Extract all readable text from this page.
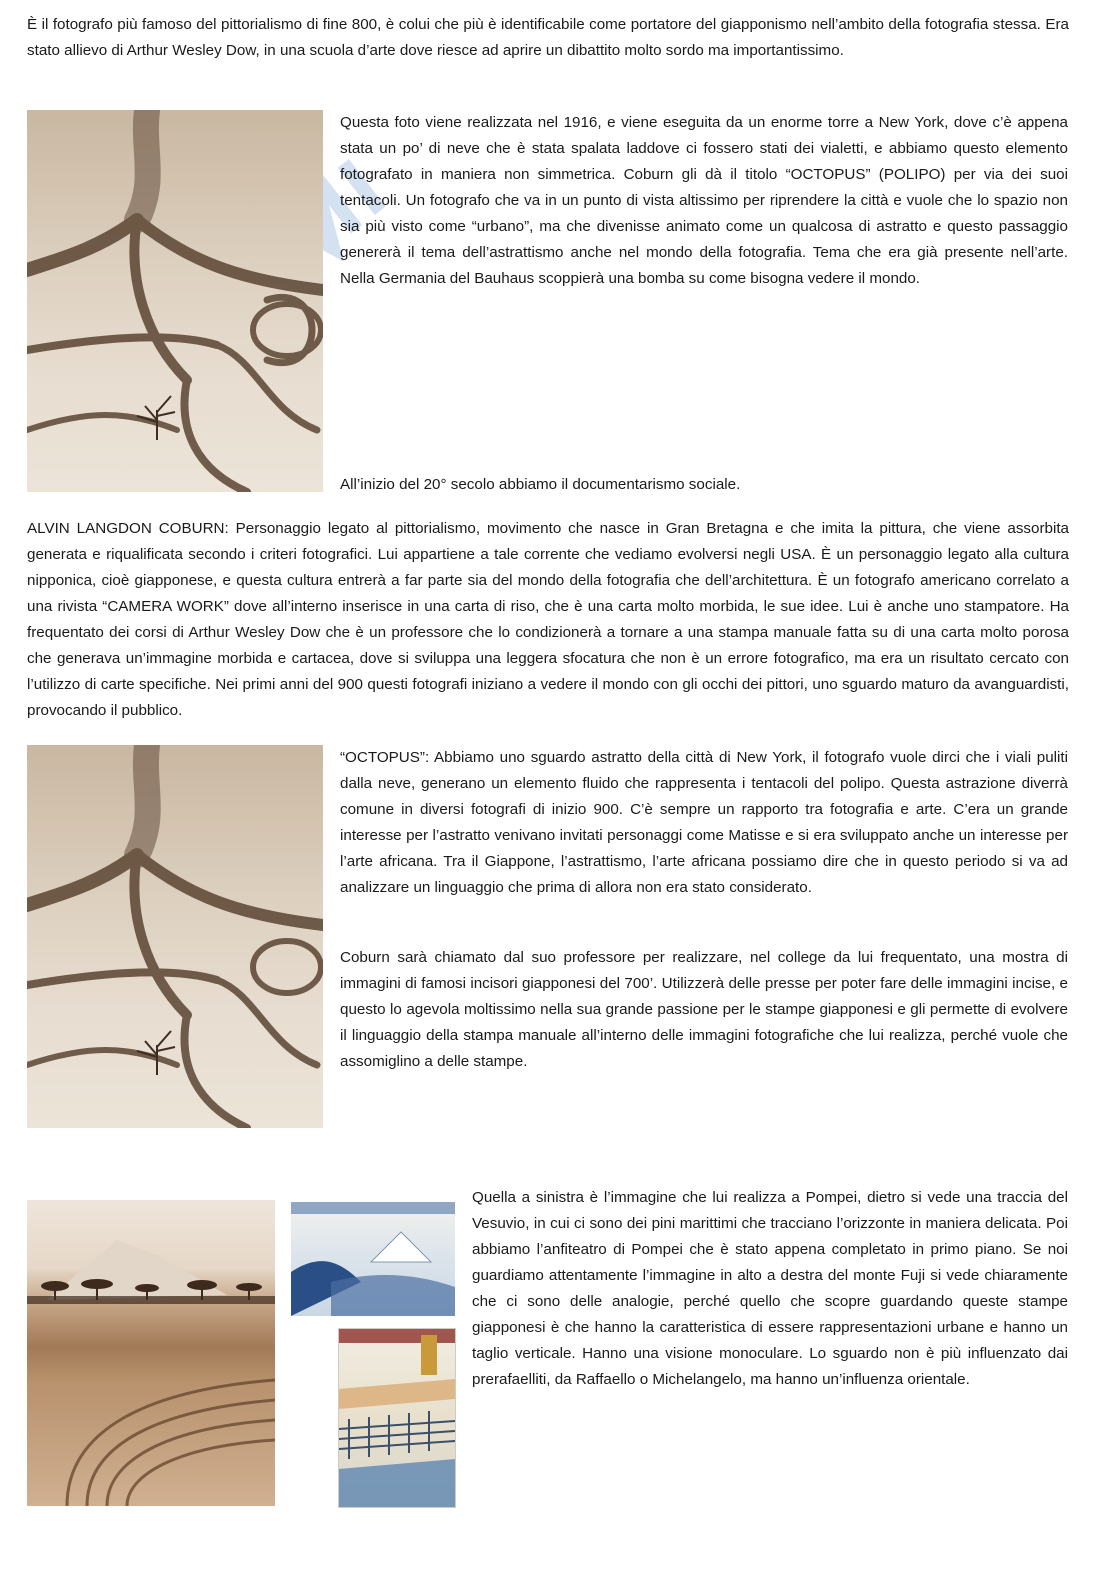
È il fotografo più famoso del pittorialismo di fine 800, è colui che più è identificabile come portatore del giapponismo nell’ambito della fotografia stessa. Era stato allievo di Arthur Wesley Dow, in una scuola d’arte dove riesce ad aprire un dibattito molto sordo ma importantissimo.

Questa foto viene realizzata nel 1916, e viene eseguita da un enorme torre a New York, dove c’è appena stata un po’ di neve che è stata spalata laddove ci fossero stati dei vialetti, e abbiamo questo elemento fotografato in maniera non simmetrica. Coburn gli dà il titolo “OCTOPUS” (POLIPO) per via dei suoi tentacoli. Un fotografo che va in un punto di vista altissimo per riprendere la città e vuole che lo spazio non sia più visto come “urbano”, ma che divenisse animato come un qualcosa di astratto e questo passaggio genererà il tema dell’astrattismo anche nel mondo della fotografia. Tema che era già presente nell’arte. Nella Germania del Bauhaus scoppierà una bomba su come bisogna vedere il mondo.

All’inizio del 20° secolo abbiamo il documentarismo sociale.

ALVIN LANGDON COBURN: Personaggio legato al pittorialismo, movimento che nasce in Gran Bretagna e che imita la pittura, che viene assorbita generata e riqualificata secondo i criteri fotografici. Lui appartiene a tale corrente che vediamo evolversi negli USA. È un personaggio legato alla cultura nipponica, cioè giapponese, e questa cultura entrerà a far parte sia del mondo della fotografia che dell’architettura. È un fotografo americano correlato a una rivista “CAMERA WORK” dove all’interno inserisce in una carta di riso, che è una carta molto morbida, le sue idee. Lui è anche uno stampatore. Ha frequentato dei corsi di Arthur Wesley Dow che è un professore che lo condizionerà a tornare a una stampa manuale fatta su di una carta molto porosa che generava un’immagine morbida e cartacea, dove si sviluppa una leggera sfocatura che non è un errore fotografico, ma era un risultato cercato con l’utilizzo di carte specifiche. Nei primi anni del 900 questi fotografi iniziano a vedere il mondo con gli occhi dei pittori, uno sguardo maturo da avanguardisti, provocando il pubblico.

“OCTOPUS”: Abbiamo uno sguardo astratto della città di New York, il fotografo vuole dirci che i viali puliti dalla neve, generano un elemento fluido che rappresenta i tentacoli del polipo. Questa astrazione diverrà comune in diversi fotografi di inizio 900. C’è sempre un rapporto tra fotografia e arte. C’era un grande interesse per l’astratto venivano invitati personaggi come Matisse e si era sviluppato anche un interesse per l’arte africana. Tra il Giappone, l’astrattismo, l’arte africana possiamo dire che in questo periodo si va ad analizzare un linguaggio che prima di allora non era stato considerato.

Coburn sarà chiamato dal suo professore per realizzare, nel college da lui frequentato, una mostra di immagini di famosi incisori giapponesi del 700’. Utilizzerà delle presse per poter fare delle immagini incise, e questo lo agevola moltissimo nella sua grande passione per le stampe giapponesi e gli permette di evolvere il linguaggio della stampa manuale all’interno delle immagini fotografiche che lui realizza, perché vuole che assomiglino a delle stampe.

Quella a sinistra è l’immagine che lui realizza a Pompei, dietro si vede una traccia del Vesuvio, in cui ci sono dei pini marittimi che tracciano l’orizzonte in maniera delicata. Poi abbiamo l’anfiteatro di Pompei che è stato appena completato in primo piano. Se noi guardiamo attentamente l’immagine in alto a destra del monte Fuji si vede chiaramente che ci sono delle analogie, perché quello che scopre guardando queste stampe giapponesi è che hanno la caratteristica di essere rappresentazioni urbane e hanno un taglio verticale. Hanno una visione monoculare. Lo sguardo non è più influenzato dai prerafaelliti, da Raffaello o Michelangelo, ma hanno un’influenza orientale.
